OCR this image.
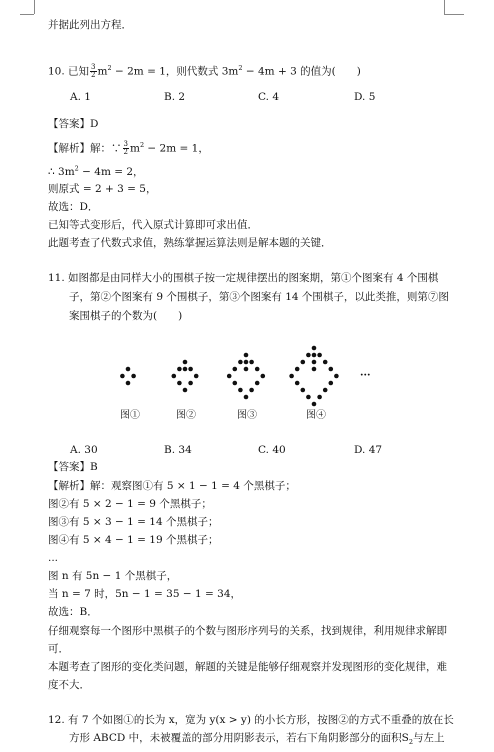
并据此列出方程．
10. 已知 $\frac{3}{2} m^2 - 2m = 1$，则代数式 $3m^2 - 4m + 3$ 的值为(　　)
A. 1	B. 2	C. 4	D. 5
【答案】D
【解析】解：∵ $\frac{3}{2} m^2 - 2m = 1$，
∴ $3m^2 - 4m = 2$，
则原式 = 2 + 3 = 5，
故选：D．
已知等式变形后，代入原式计算即可求出值．
此题考查了代数式求值，熟练掌握运算法则是解本题的关键．
11. 如图都是由同样大小的围棋子按一定规律摆出的图案期，第①个图案有 4 个围棋
子，第②个图案有 9 个围棋子，第③个图案有 14 个围棋子，以此类推，则第⑦图
案围棋子的个数为(　　)
图①	图②	图③	图④
···
A. 30	B. 34	C. 40	D. 47
【答案】B
【解析】解：观察图①有 5 × 1 − 1 = 4 个黑棋子；
图②有 5 × 2 − 1 = 9 个黑棋子；
图③有 5 × 3 − 1 = 14 个黑棋子；
图④有 5 × 4 − 1 = 19 个黑棋子；
...
图 n 有 5n − 1 个黑棋子，
当 n = 7 时，5n − 1 = 35 − 1 = 34，
故选：B．
仔细观察每一个图形中黑棋子的个数与图形序列号的关系，找到规律，利用规律求解即
可．
本题考查了图形的变化类问题，解题的关键是能够仔细观察并发现图形的变化规律，难
度不大．
12. 有 7 个如图①的长为 x，宽为 y(x > y) 的小长方形，按图②的方式不重叠的放在长
方形 ABCD 中，未被覆盖的部分用阴影表示，若右下角阴影部分的面积$S_2$与左上
